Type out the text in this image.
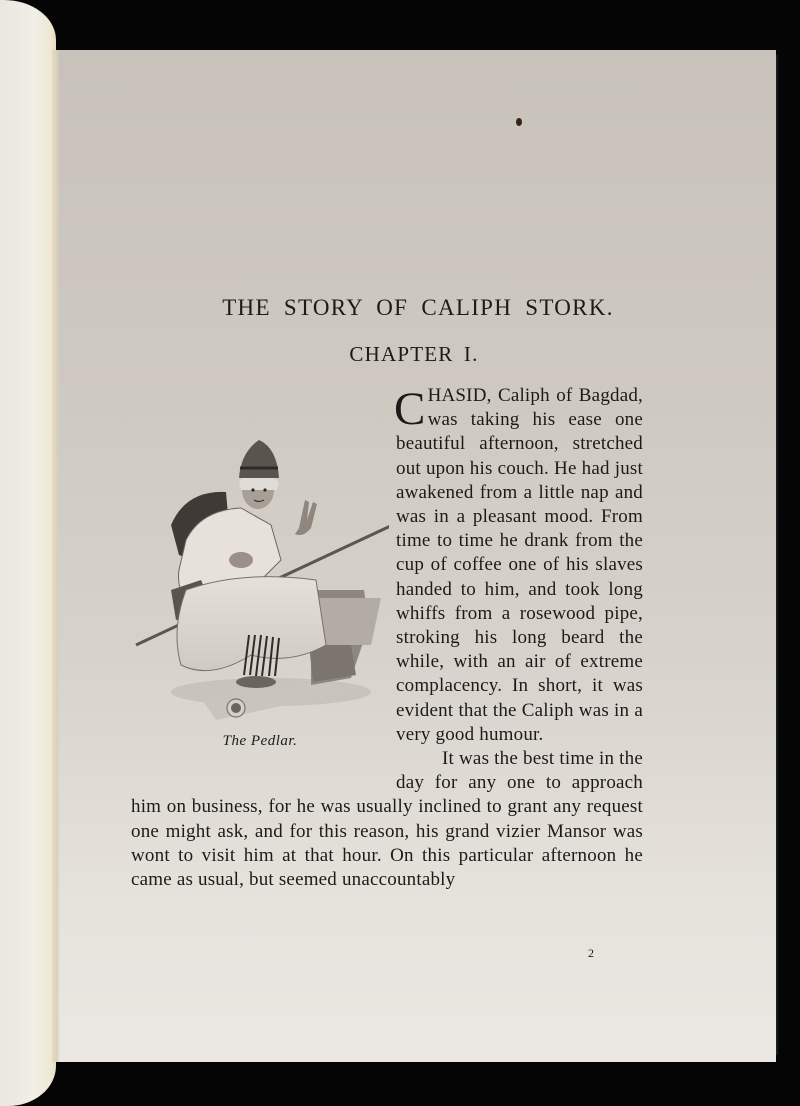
THE STORY OF CALIPH STORK.
CHAPTER I.
The Pedlar.

CHASID, Caliph of Bagdad, was taking his ease one beautiful afternoon, stretched out upon his couch. He had just awakened from a little nap and was in a pleasant mood. From time to time he drank from the cup of coffee one of his slaves handed to him, and took long whiffs from a rosewood pipe, stroking his long beard the while, with an air of extreme complacency. In short, it was evident that the Caliph was in a very good humour.

It was the best time in the day for any one to approach him on business, for he was usually inclined to grant any request one might ask, and for this reason, his grand vizier Mansor was wont to visit him at that hour. On this particular afternoon he came as usual, but seemed unaccountably

2
